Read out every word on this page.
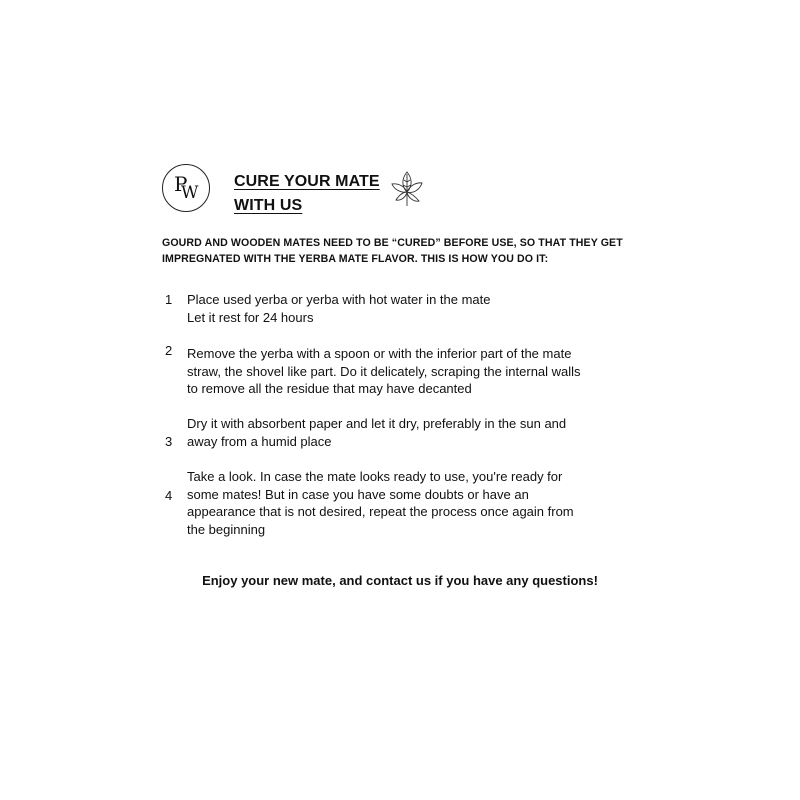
P
W
CURE YOUR MATE
WITH US
GOURD AND WOODEN MATES NEED TO BE “CURED” BEFORE USE, SO THAT THEY GET
IMPREGNATED WITH THE YERBA MATE FLAVOR. THIS IS HOW YOU DO IT:
1 Place used yerba or yerba with hot water in the mate
Let it rest for 24 hours
2 Remove the yerba with a spoon or with the inferior part of the mate
straw, the shovel like part. Do it delicately, scraping the internal walls
to remove all the residue that may have decanted
3
Dry it with absorbent paper and let it dry, preferably in the sun and
away from a humid place
4
Take a look. In case the mate looks ready to use, you're ready for
some mates! But in case you have some doubts or have an
appearance that is not desired, repeat the process once again from
the beginning
Enjoy your new mate, and contact us if you have any questions!
